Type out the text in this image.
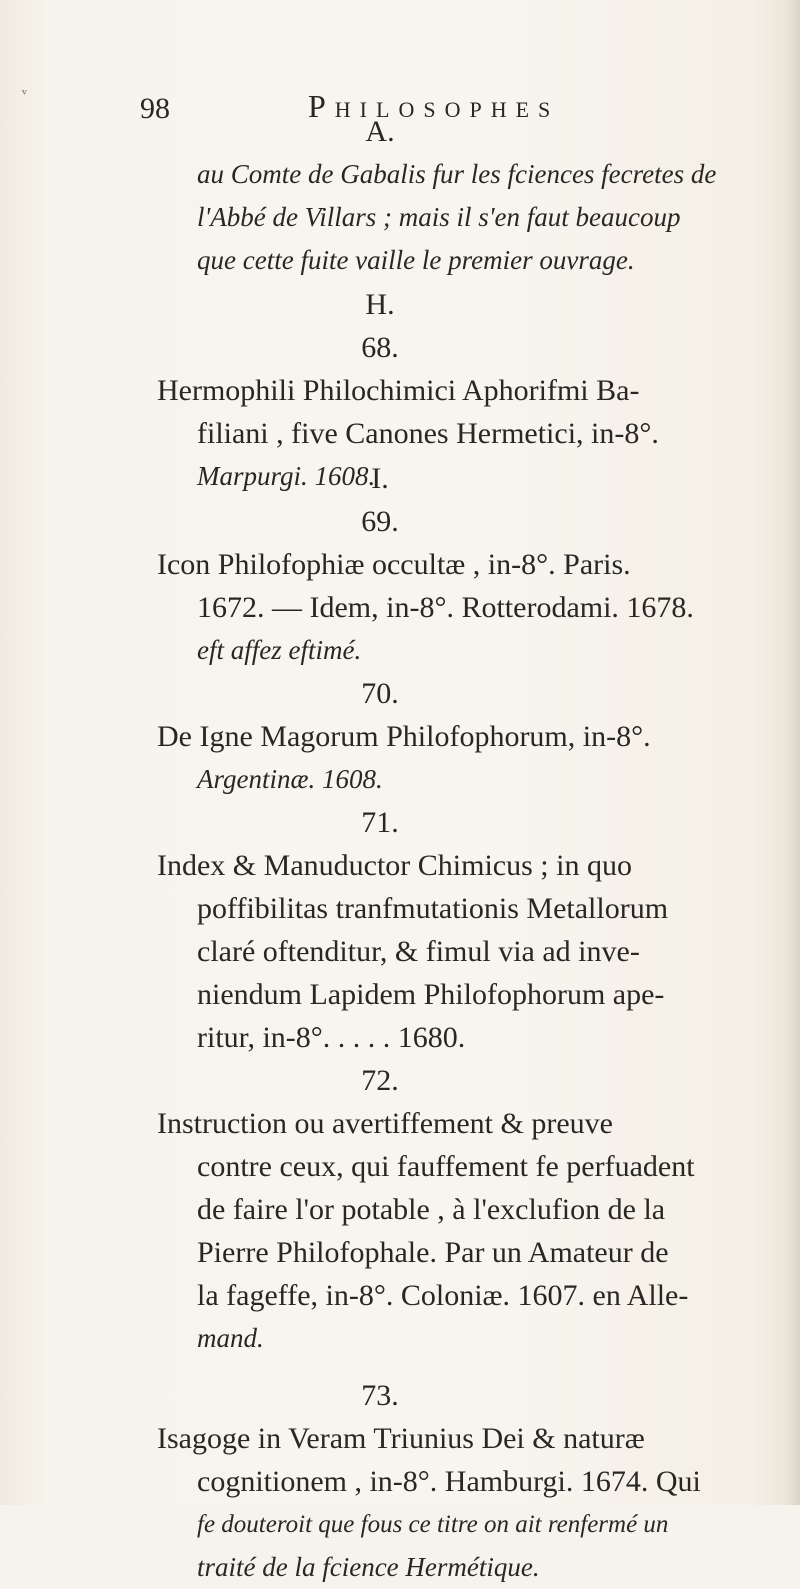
ᵛ	98	Philosophes
A.
au Comte de Gabalis fur les fciences fecretes de
l'Abbé de Villars ; mais il s'en faut beaucoup
que cette fuite vaille le premier ouvrage.
H.
68.
Hermophili Philochimici Aphorifmi Ba-
filiani , five Canones Hermetici, in-8°.
Marpurgi. 1608.
I.
69.
Icon Philofophiæ occultæ , in-8°. Paris.
1672. — Idem, in-8°. Rotterodami. 1678.
eft affez eftimé.
70.
De Igne Magorum Philofophorum, in-8°.
Argentinæ. 1608.
71.
Index & Manuductor Chimicus ; in quo
poffibilitas tranfmutationis Metallorum
claré oftenditur, & fimul via ad inve-
niendum Lapidem Philofophorum ape-
ritur, in-8°. . . . . 1680.
72.
Instruction ou avertiffement & preuve
contre ceux, qui fauffement fe perfuadent
de faire l'or potable , à l'exclufion de la
Pierre Philofophale. Par un Amateur de
la fageffe, in-8°. Coloniæ. 1607. en Alle-
mand.
73.
Isagoge in Veram Triunius Dei & naturæ
cognitionem , in-8°. Hamburgi. 1674. Qui
fe douteroit que fous ce titre on ait renfermé un
traité de la fcience Hermétique.
